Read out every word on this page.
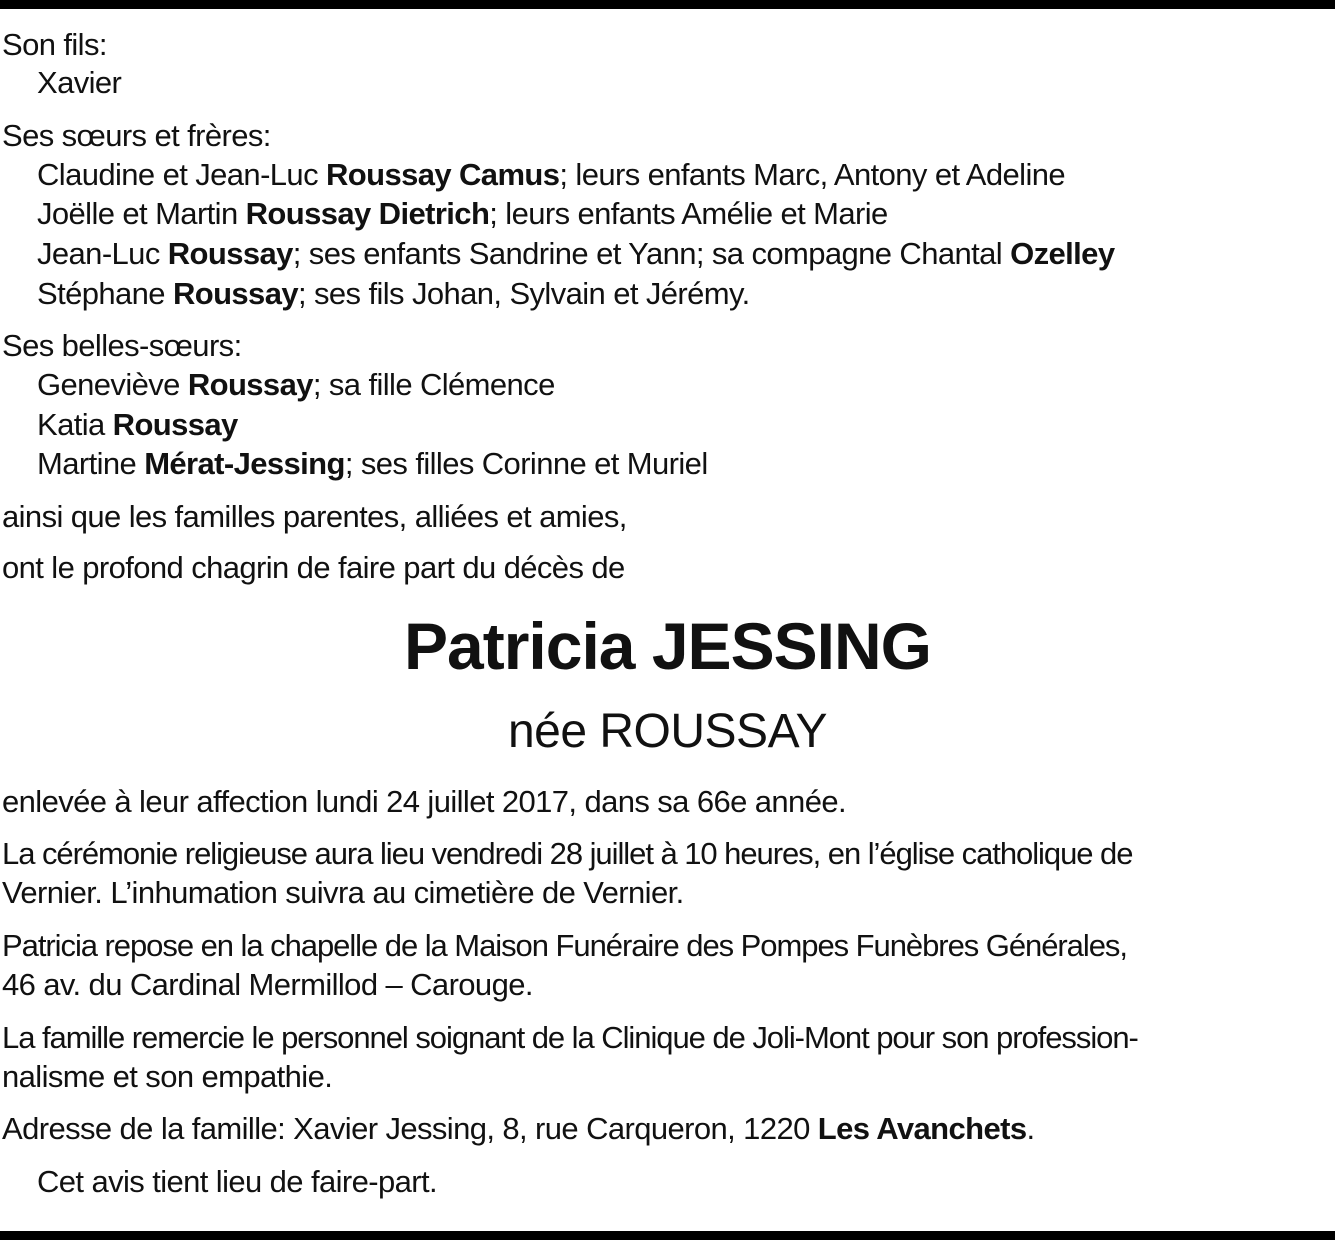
Son fils:
Xavier
Ses sœurs et frères:
Claudine et Jean-Luc Roussay Camus; leurs enfants Marc, Antony et Adeline
Joëlle et Martin Roussay Dietrich; leurs enfants Amélie et Marie
Jean-Luc Roussay; ses enfants Sandrine et Yann; sa compagne Chantal Ozelley
Stéphane Roussay; ses fils Johan, Sylvain et Jérémy.
Ses belles-sœurs:
Geneviève Roussay; sa fille Clémence
Katia Roussay
Martine Mérat-Jessing; ses filles Corinne et Muriel
ainsi que les familles parentes, alliées et amies,
ont le profond chagrin de faire part du décès de
Patricia JESSING
née ROUSSAY
enlevée à leur affection lundi 24 juillet 2017, dans sa 66e année.
La cérémonie religieuse aura lieu vendredi 28 juillet à 10 heures, en l’église catholique de
Vernier. L’inhumation suivra au cimetière de Vernier.
Patricia repose en la chapelle de la Maison Funéraire des Pompes Funèbres Générales,
46 av. du Cardinal Mermillod – Carouge.
La famille remercie le personnel soignant de la Clinique de Joli-Mont pour son profession-
nalisme et son empathie.
Adresse de la famille: Xavier Jessing, 8, rue Carqueron, 1220 Les Avanchets.
Cet avis tient lieu de faire-part.
